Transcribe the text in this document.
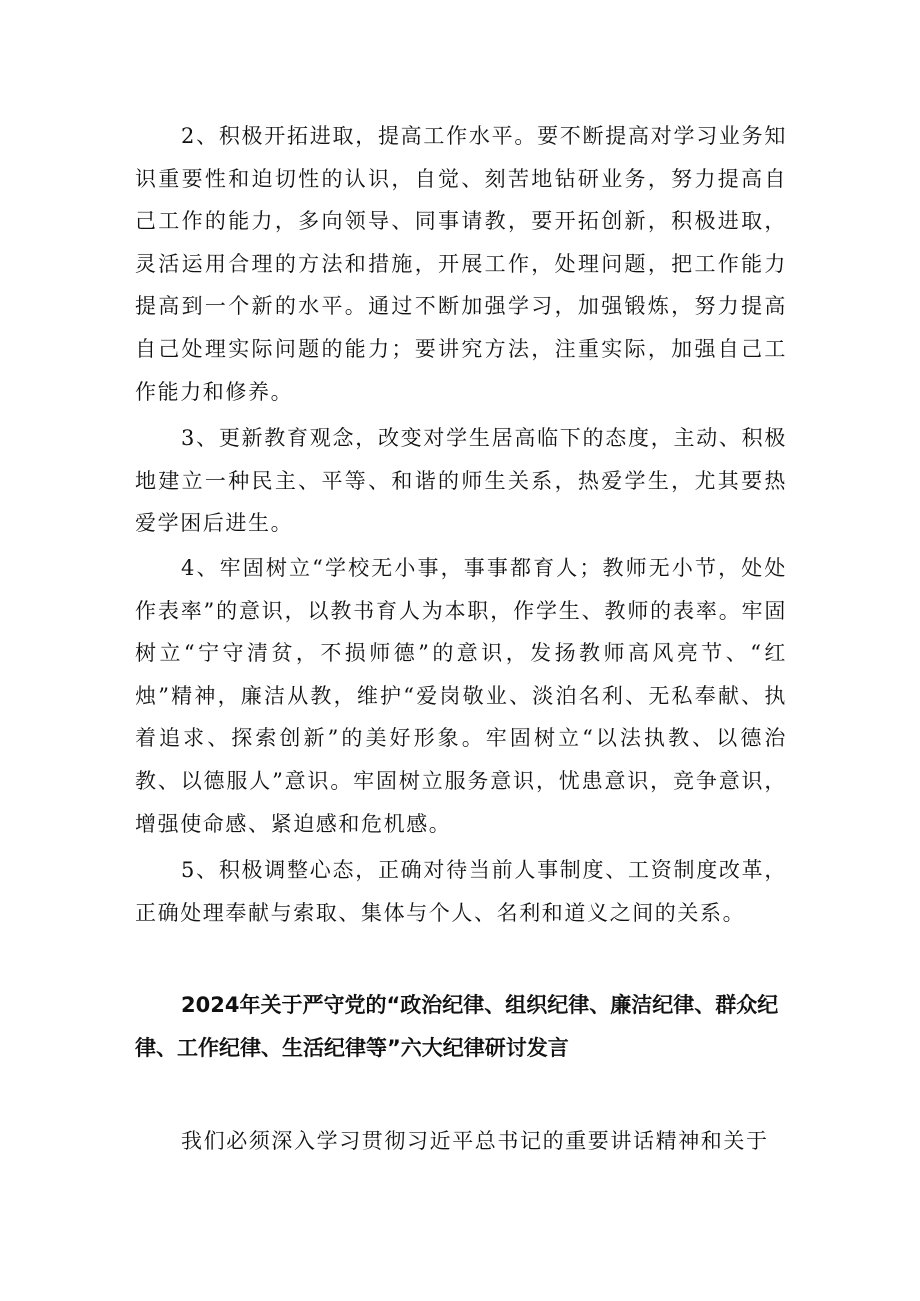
2、积极开拓进取，提高工作水平。要不断提高对学习业务知识重要性和迫切性的认识，自觉、刻苦地钻研业务，努力提高自己工作的能力，多向领导、同事请教，要开拓创新，积极进取，灵活运用合理的方法和措施，开展工作，处理问题，把工作能力提高到一个新的水平。通过不断加强学习，加强锻炼，努力提高自己处理实际问题的能力；要讲究方法，注重实际，加强自己工作能力和修养。

3、更新教育观念，改变对学生居高临下的态度，主动、积极地建立一种民主、平等、和谐的师生关系，热爱学生，尤其要热爱学困后进生。

4、牢固树立“学校无小事，事事都育人；教师无小节，处处作表率”的意识，以教书育人为本职，作学生、教师的表率。牢固树立“宁守清贫，不损师德”的意识，发扬教师高风亮节、“红烛”精神，廉洁从教，维护“爱岗敬业、淡泊名利、无私奉献、执着追求、探索创新”的美好形象。牢固树立“以法执教、以德治教、以德服人”意识。牢固树立服务意识，忧患意识，竞争意识，增强使命感、紧迫感和危机感。

5、积极调整心态，正确对待当前人事制度、工资制度改革，正确处理奉献与索取、集体与个人、名利和道义之间的关系。

2024年关于严守党的“政治纪律、组织纪律、廉洁纪律、群众纪律、工作纪律、生活纪律等”六大纪律研讨发言

我们必须深入学习贯彻习近平总书记的重要讲话精神和关于
